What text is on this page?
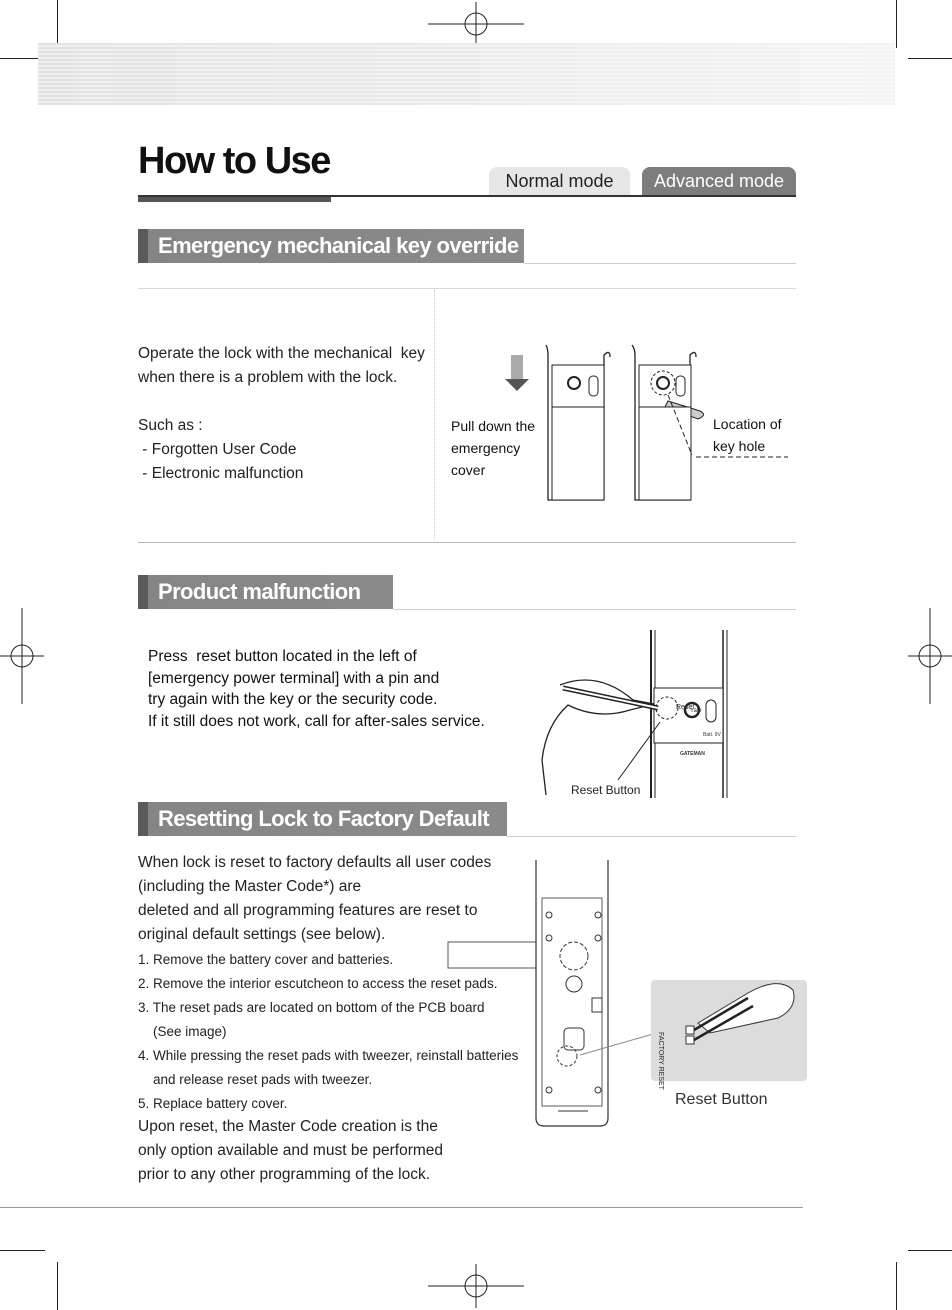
How to Use	Normal mode	Advanced mode
Emergency mechanical key override
Operate the lock with the mechanical  key
when there is a problem with the lock.
Such as :
- Forgotten User Code
- Electronic malfunction
Pull down the
emergency
cover
Location of
key hole
Product malfunction
Press  reset button located in the left of
[emergency power terminal] with a pin and
try again with the key or the security code.
If it still does not work, call for after-sales service.
Reset
Yale
Batt. 9V
GATEMAN
Reset Button
Resetting Lock to Factory Default
When lock is reset to factory defaults all user codes
(including the Master Code*) are
deleted and all programming features are reset to
original default settings (see below).
1. Remove the battery cover and batteries.
2. Remove the interior escutcheon to access the reset pads.
3. The reset pads are located on bottom of the PCB board
(See image)
4. While pressing the reset pads with tweezer, reinstall batteries
and release reset pads with tweezer.
5. Replace battery cover.
Upon reset, the Master Code creation is the
only option available and must be performed
prior to any other programming of the lock.
FACTORY RESET
Reset Button
